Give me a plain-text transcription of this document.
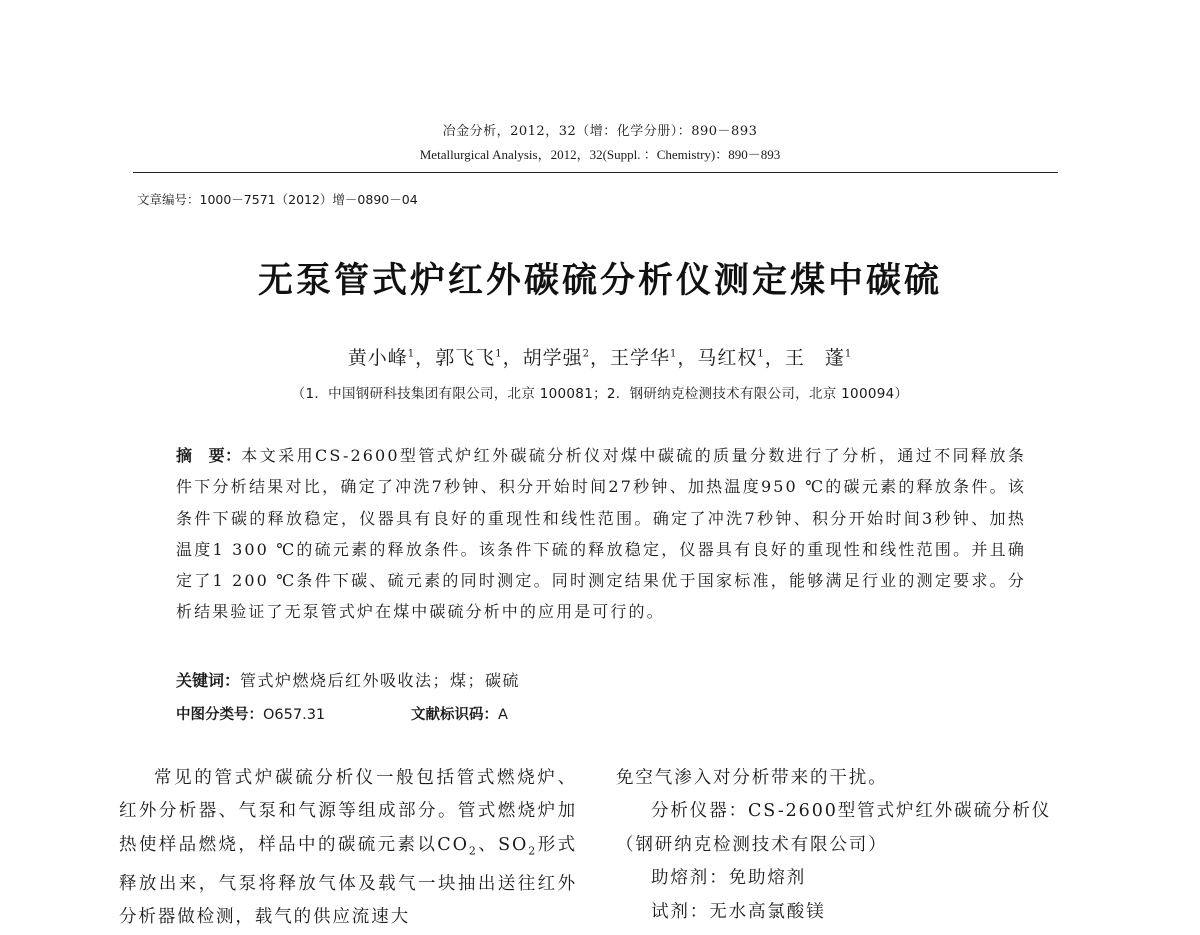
冶金分析，2012，32（增：化学分册）：890－893
Metallurgical Analysis，2012，32(Suppl. ：Chemistry)：890－893
文章编号：1000－7571（2012）增－0890－04
无泵管式炉红外碳硫分析仪测定煤中碳硫
黄小峰$^1$，郭飞飞$^1$，胡学强$^2$，王学华$^1$，马红权$^1$，王　蓬$^1$
（1．中国钢研科技集团有限公司，北京 100081；2．钢研纳克检测技术有限公司，北京 100094）
摘　要：本文采用CS-2600型管式炉红外碳硫分析仪对煤中碳硫的质量分数进行了分析，通过不同释放条件下分析结果对比，确定了冲洗7秒钟、积分开始时间27秒钟、加热温度950 ℃的碳元素的释放条件。该条件下碳的释放稳定，仪器具有良好的重现性和线性范围。确定了冲洗7秒钟、积分开始时间3秒钟、加热温度1 300 ℃的硫元素的释放条件。该条件下硫的释放稳定，仪器具有良好的重现性和线性范围。并且确定了1 200 ℃条件下碳、硫元素的同时测定。同时测定结果优于国家标准，能够满足行业的测定要求。分析结果验证了无泵管式炉在煤中碳硫分析中的应用是可行的。
关键词：管式炉燃烧后红外吸收法；煤；碳硫
中图分类号：O657.31	文献标识码：A

常见的管式炉碳硫分析仪一般包括管式燃烧炉、红外分析器、气泵和气源等组成部分。管式燃烧炉加热使样品燃烧，样品中的碳硫元素以$CO_2$、$SO_2$形式释放出来，气泵将释放气体及载气一块抽出送往红外分析器做检测，载气的供应流速大

免空气渗入对分析带来的干扰。

分析仪器：CS-2600型管式炉红外碳硫分析仪（钢研纳克检测技术有限公司）

助熔剂：免助熔剂

试剂：无水高氯酸镁
